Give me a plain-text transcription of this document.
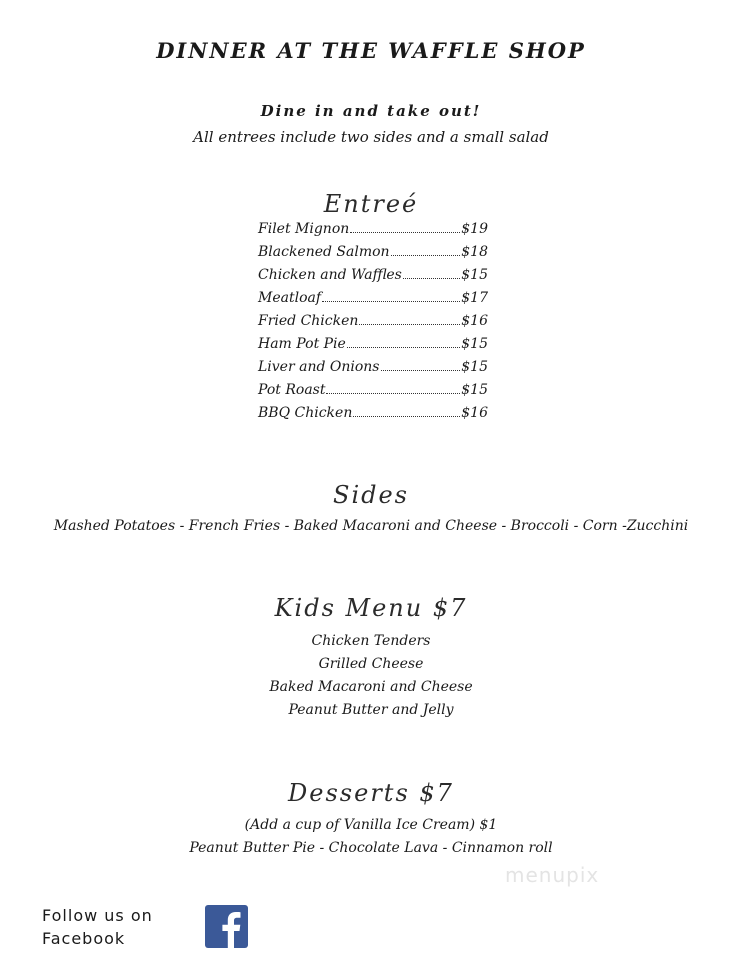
DINNER AT THE WAFFLE SHOP
Dine in and take out!
All entrees include two sides and a small salad
Entreé
Filet Mignon	$19
Blackened Salmon	$18
Chicken and Waffles	$15
Meatloaf	$17
Fried Chicken	$16
Ham Pot Pie	$15
Liver and Onions	$15
Pot Roast	$15
BBQ Chicken	$16
Sides
Mashed Potatoes - French Fries - Baked Macaroni and Cheese - Broccoli - Corn -Zucchini
Kids Menu $7
Chicken Tenders
Grilled Cheese
Baked Macaroni and Cheese
Peanut Butter and Jelly
Desserts $7
(Add a cup of Vanilla Ice Cream) $1
Peanut Butter Pie - Chocolate Lava - Cinnamon roll
menupix
Follow us on Facebook
